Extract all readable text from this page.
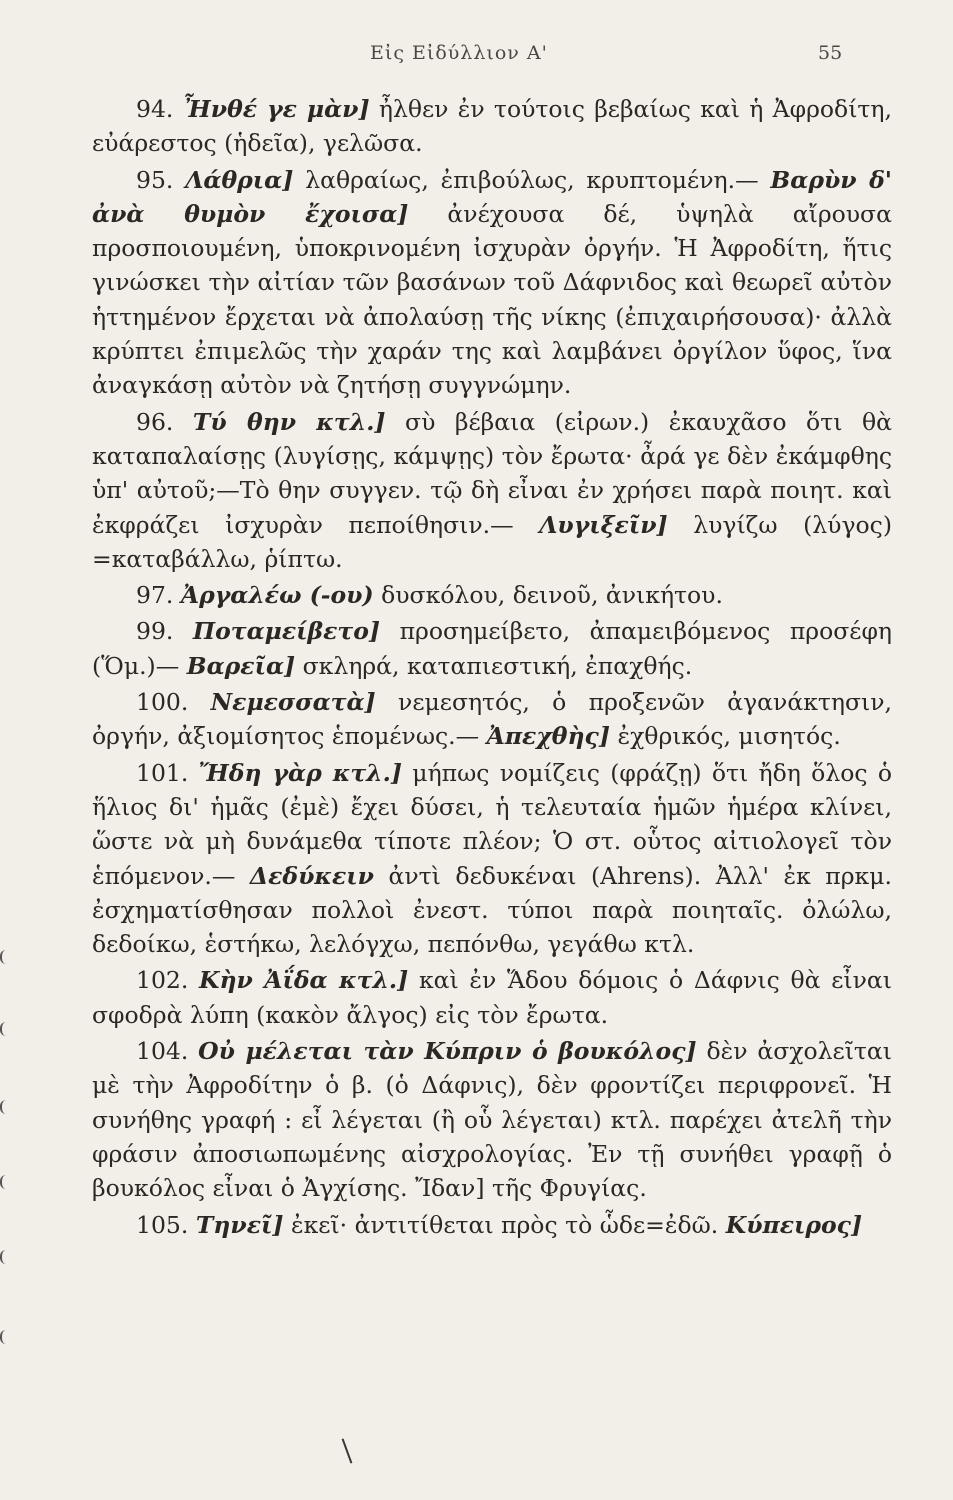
Εἰς Εἰδύλλιον Α'	55

94. Ἦνθέ γε μὰν] ἦλθεν ἐν τούτοις βεβαίως καὶ ἡ Ἀφροδίτη, εὐάρεστος (ἡδεῖα), γελῶσα.

95. Λάθρια] λαθραίως, ἐπιβούλως, κρυπτομένη.— Βαρὺν δ' ἀνὰ θυμὸν ἔχοισα] ἀνέχουσα δέ, ὑψηλὰ αἴρουσα προσποιουμένη, ὑποκρινομένη ἰσχυρὰν ὀργήν. Ἡ Ἀφροδίτη, ἥτις γινώσκει τὴν αἰτίαν τῶν βασάνων τοῦ Δάφνιδος καὶ θεωρεῖ αὐτὸν ἡττημένον ἔρχεται νὰ ἀπολαύσῃ τῆς νίκης (ἐπιχαιρήσουσα)· ἀλλὰ κρύπτει ἐπιμελῶς τὴν χαράν της καὶ λαμβάνει ὀργίλον ὕφος, ἵνα ἀναγκάσῃ αὐτὸν νὰ ζητήσῃ συγγνώμην.

96. Τύ θην κτλ.] σὺ βέβαια (εἰρων.) ἐκαυχᾶσο ὅτι θὰ καταπαλαίσῃς (λυγίσῃς, κάμψῃς) τὸν ἔρωτα· ἆρά γε δὲν ἐκάμφθης ὑπ' αὐτοῦ;—Τὸ θην συγγεν. τῷ δὴ εἶναι ἐν χρήσει παρὰ ποιητ. καὶ ἐκφράζει ἰσχυρὰν πεποίθησιν.— Λυγιξεῖν] λυγίζω (λύγος) =καταβάλλω, ῥίπτω.

97. Ἀργαλέω (-ου) δυσκόλου, δεινοῦ, ἀνικήτου.

99. Ποταμείβετο] προσημείβετο, ἀπαμειβόμενος προσέφη (Ὅμ.)— Βαρεῖα] σκληρά, καταπιεστική, ἐπαχθής.

100. Νεμεσσατὰ] νεμεσητός, ὁ προξενῶν ἀγανάκτησιν, ὀργήν, ἀξιομίσητος ἑπομένως.— Ἀπεχθὴς] ἐχθρικός, μισητός.

101. Ἤδη γὰρ κτλ.] μήπως νομίζεις (φράζῃ) ὅτι ἤδη ὅλος ὁ ἥλιος δι' ἡμᾶς (ἐμὲ) ἔχει δύσει, ἡ τελευταία ἡμῶν ἡμέρα κλίνει, ὥστε νὰ μὴ δυνάμεθα τίποτε πλέον; Ὁ στ. οὗτος αἰτιολογεῖ τὸν ἑπόμενον.— Δεδύκειν ἀντὶ δεδυκέναι (Ahrens). Ἀλλ' ἐκ πρκμ. ἐσχηματίσθησαν πολλοὶ ἐνεστ. τύποι παρὰ ποιηταῖς. ὀλώλω, δεδοίκω, ἑστήκω, λελόγχω, πεπόνθω, γεγάθω κτλ.

102. Κὴν Ἀΐδα κτλ.] καὶ ἐν Ἅδου δόμοις ὁ Δάφνις θὰ εἶναι σφοδρὰ λύπη (κακὸν ἄλγος) εἰς τὸν ἔρωτα.

104. Οὐ μέλεται τὰν Κύπριν ὁ βουκόλος] δὲν ἀσχολεῖται μὲ τὴν Ἀφροδίτην ὁ β. (ὁ Δάφνις), δὲν φροντίζει περιφρονεῖ. Ἡ συνήθης γραφή : εἶ λέγεται (ἢ οὗ λέγεται) κτλ. παρέχει ἀτελῆ τὴν φράσιν ἀποσιωπωμένης αἰσχρολογίας. Ἐν τῇ συνήθει γραφῇ ὁ βουκόλος εἶναι ὁ Ἀγχίσης. Ἴδαν] τῆς Φρυγίας.

105. Τηνεῖ] ἐκεῖ· ἀντιτίθεται πρὸς τὸ ὧδε=ἐδῶ. Κύπειρος]
